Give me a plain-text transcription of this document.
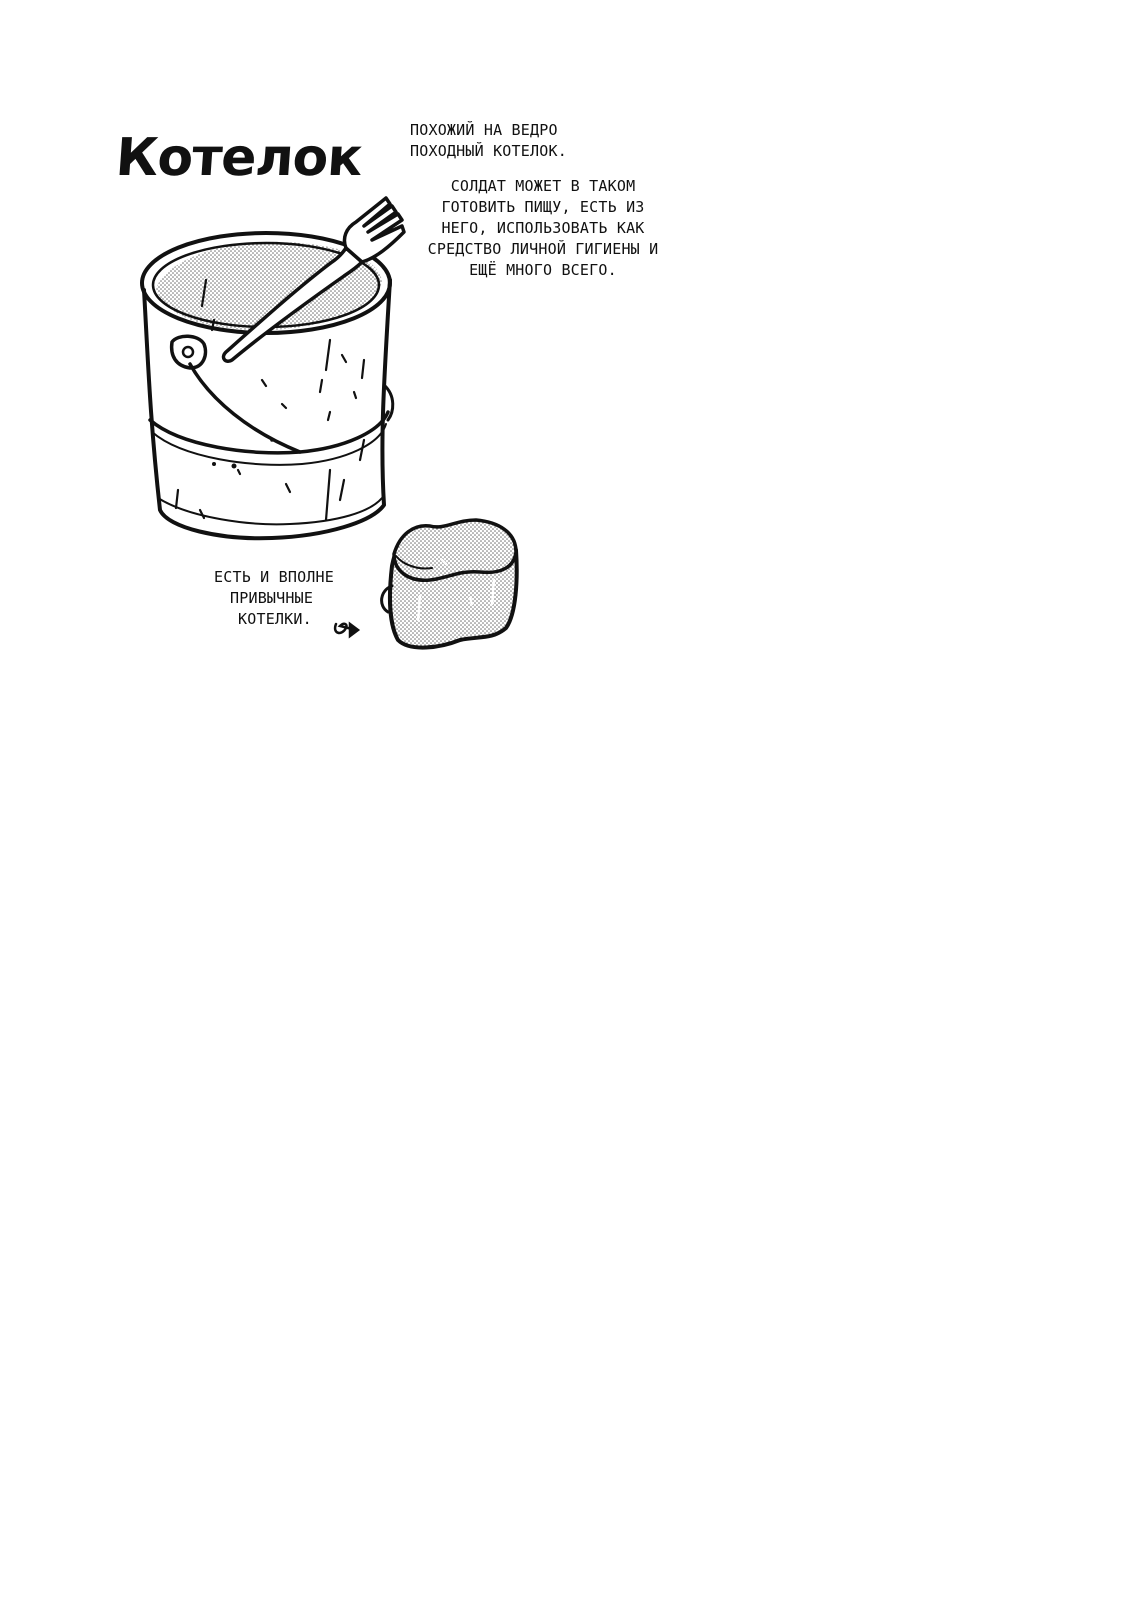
Котелок	ПОХОЖИЙ НА ВЕДРО
ПОХОДНЫЙ КОТЕЛОК.
СОЛДАТ МОЖЕТ В ТАКОМ
ГОТОВИТЬ ПИЩУ, ЕСТЬ ИЗ
НЕГО, ИСПОЛЬЗОВАТЬ КАК
СРЕДСТВО ЛИЧНОЙ ГИГИЕНЫ И
ЕЩЁ МНОГО ВСЕГО.
ЕСТЬ И ВПОЛНЕ
ПРИВЫЧНЫЕ
КОТЕЛКИ.
